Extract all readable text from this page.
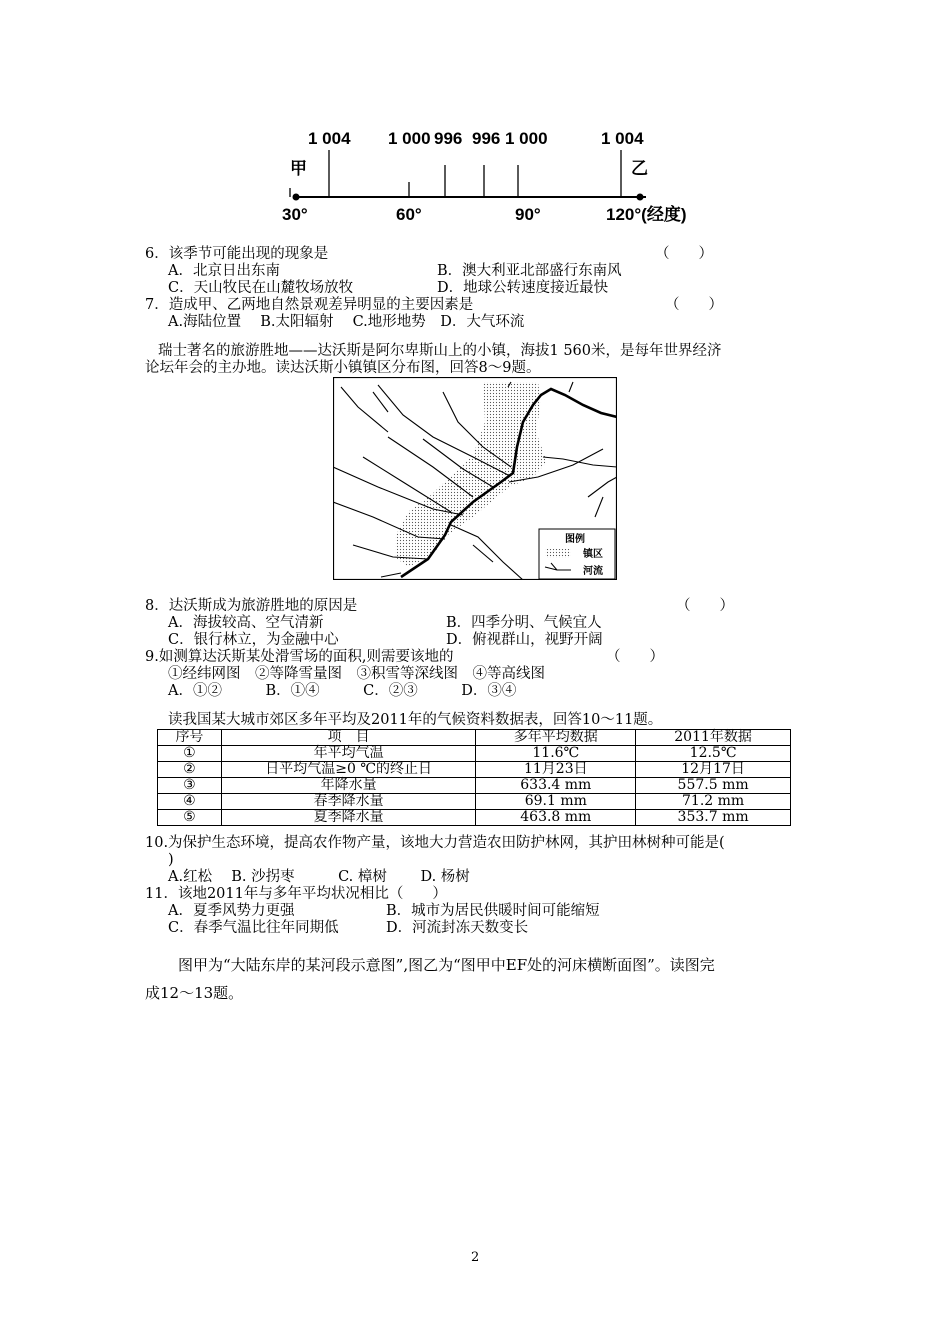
1 004 1 000 996 996 1 000	1 004
甲	乙
30°	60°	90°	120°(经度)
6．该季节可能出现的现象是	（　　）
A．北京日出东南	B．澳大利亚北部盛行东南风
C．天山牧民在山麓牧场放牧	D．地球公转速度接近最快
7．造成甲、乙两地自然景观差异明显的主要因素是	（　　）
A.海陆位置　 B.太阳辐射　 C.地形地势　D．大气环流
瑞士著名的旅游胜地——达沃斯是阿尔卑斯山上的小镇，海拔1 560米，是每年世界经济
论坛年会的主办地。读达沃斯小镇镇区分布图，回答8～9题。
图例
镇区
河流
8．达沃斯成为旅游胜地的原因是	（　　）
A．海拔较高、空气清新	B．四季分明、气候宜人
C．银行林立，为金融中心	D．俯视群山，视野开阔
9.如测算达沃斯某处滑雪场的面积,则需要该地的	（　　）
①经纬网图　②等降雪量图　③积雪等深线图　④等高线图
A．①②　　　B．①④　　　C．②③　　　D．③④
读我国某大城市郊区多年平均及2011年的气候资料数据表，回答10～11题。
序号	项　目	多年平均数据	2011年数据
①	年平均气温	11.6℃	12.5℃
②	日平均气温≥0 ℃的终止日	11月23日	12月17日
③	年降水量	633.4 mm	557.5 mm
④	春季降水量	69.1 mm	71.2 mm
⑤	夏季降水量	463.8 mm	353.7 mm
10.为保护生态环境，提高农作物产量，该地大力营造农田防护林网，其护田林树种可能是(
)
A.红松　 B. 沙拐枣　　　C. 樟树　　 D. 杨树
11．该地2011年与多年平均状况相比（　　）
A．夏季风势力更强	B．城市为居民供暖时间可能缩短
C．春季气温比往年同期低	D．河流封冻天数变长
图甲为“大陆东岸的某河段示意图”,图乙为“图甲中EF处的河床横断面图”。读图完
成12～13题。
2
